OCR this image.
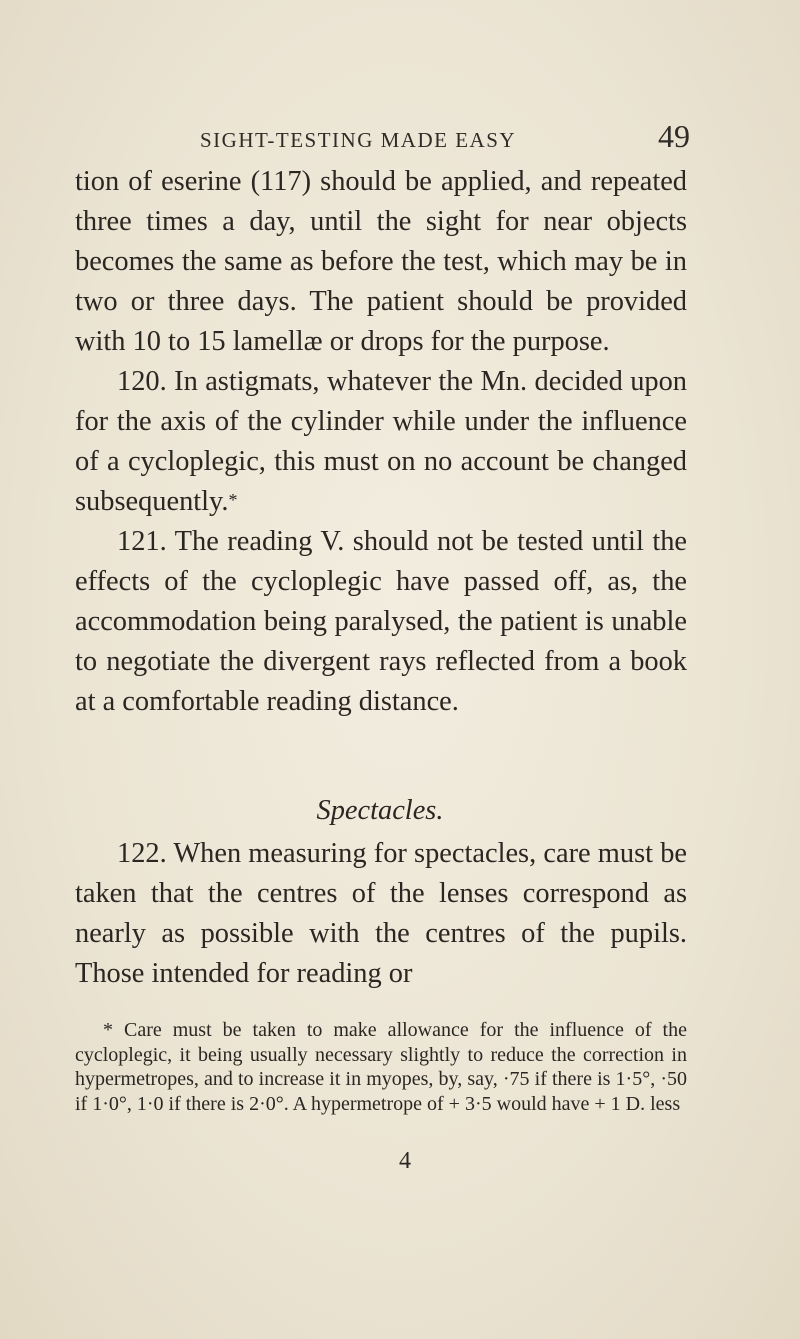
SIGHT-TESTING MADE EASY	49

tion of eserine (117) should be applied, and repeated three times a day, until the sight for near objects becomes the same as before the test, which may be in two or three days. The patient should be provided with 10 to 15 lamellæ or drops for the purpose.

120. In astigmats, whatever the Mn. decided upon for the axis of the cylinder while under the influence of a cycloplegic, this must on no account be changed subsequently.*

121. The reading V. should not be tested until the effects of the cycloplegic have passed off, as, the accommodation being paralysed, the patient is unable to negotiate the divergent rays reflected from a book at a comfortable reading distance.

Spectacles.

122. When measuring for spectacles, care must be taken that the centres of the lenses correspond as nearly as possible with the centres of the pupils. Those intended for reading or

* Care must be taken to make allowance for the influence of the cycloplegic, it being usually necessary slightly to reduce the correction in hypermetropes, and to increase it in myopes, by, say, ·75 if there is 1·5°, ·50 if 1·0°, 1·0 if there is 2·0°. A hypermetrope of + 3·5 would have + 1 D. less

4
